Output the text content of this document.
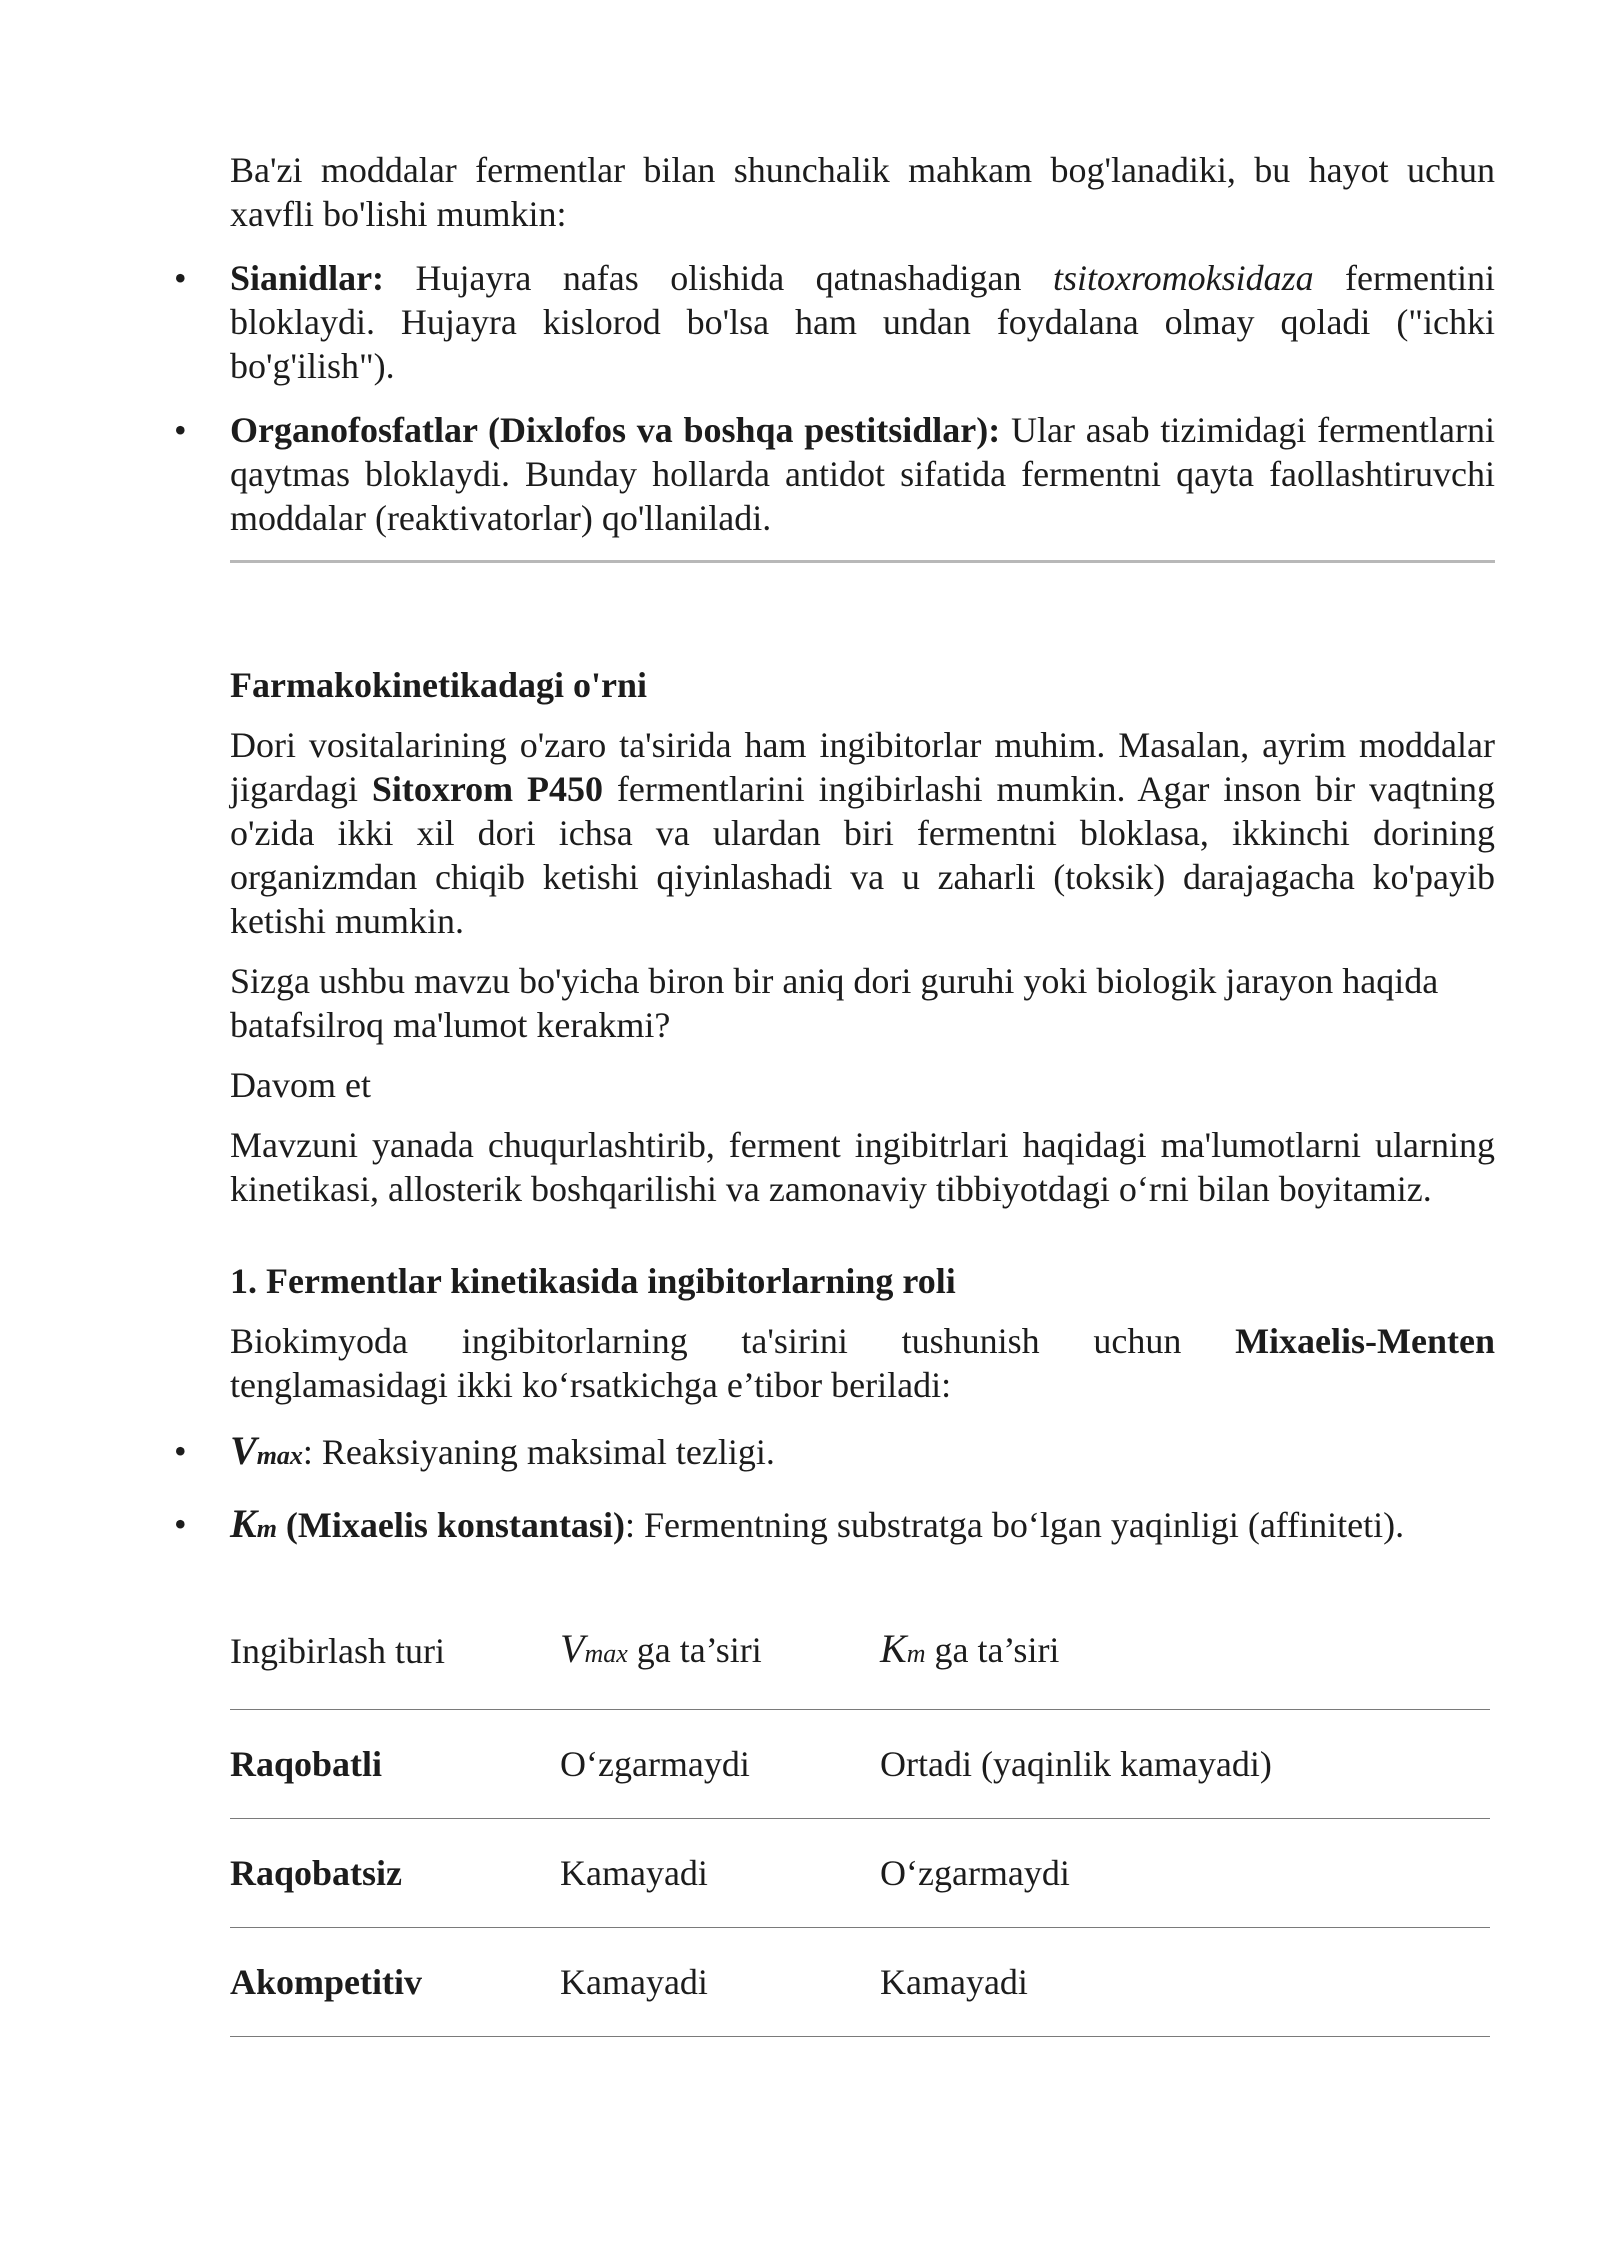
Ba'zi moddalar fermentlar bilan shunchalik mahkam bog'lanadiki, bu hayot uchun xavfli bo'lishi mumkin:

• Sianidlar: Hujayra nafas olishida qatnashadigan tsitoxromoksidaza fermentini bloklaydi. Hujayra kislorod bo'lsa ham undan foydalana olmay qoladi ("ichki bo'g'ilish").
• Organofosfatlar (Dixlofos va boshqa pestitsidlar): Ular asab tizimidagi fermentlarni qaytmas bloklaydi. Bunday hollarda antidot sifatida fermentni qayta faollashtiruvchi moddalar (reaktivatorlar) qo'llaniladi.
Farmakokinetikadagi o'rni

Dori vositalarining o'zaro ta'sirida ham ingibitorlar muhim. Masalan, ayrim moddalar jigardagi Sitoxrom P450 fermentlarini ingibirlashi mumkin. Agar inson bir vaqtning o'zida ikki xil dori ichsa va ulardan biri fermentni bloklasa, ikkinchi dorining organizmdan chiqib ketishi qiyinlashadi va u zaharli (toksik) darajagacha ko'payib ketishi mumkin.

Sizga ushbu mavzu bo'yicha biron bir aniq dori guruhi yoki biologik jarayon haqida batafsilroq ma'lumot kerakmi?

Davom et

Mavzuni yanada chuqurlashtirib, ferment ingibitrlari haqidagi ma'lumotlarni ularning kinetikasi, allosterik boshqarilishi va zamonaviy tibbiyotdagi o‘rni bilan boyitamiz.

1. Fermentlar kinetikasida ingibitorlarning roli

Biokimyoda ingibitorlarning ta'sirini tushunish uchun Mixaelis-Menten tenglamasidagi ikki ko‘rsatkichga e’tibor beriladi:

• Vmax: Reaksiyaning maksimal tezligi.
• Km (Mixaelis konstantasi): Fermentning substratga bo‘lgan yaqinligi (affiniteti).
Ingibirlash turi	Vmax ga ta’siri	Km ga ta’siri
Raqobatli	O‘zgarmaydi	Ortadi (yaqinlik kamayadi)
Raqobatsiz	Kamayadi	O‘zgarmaydi
Akompetitiv	Kamayadi	Kamayadi
